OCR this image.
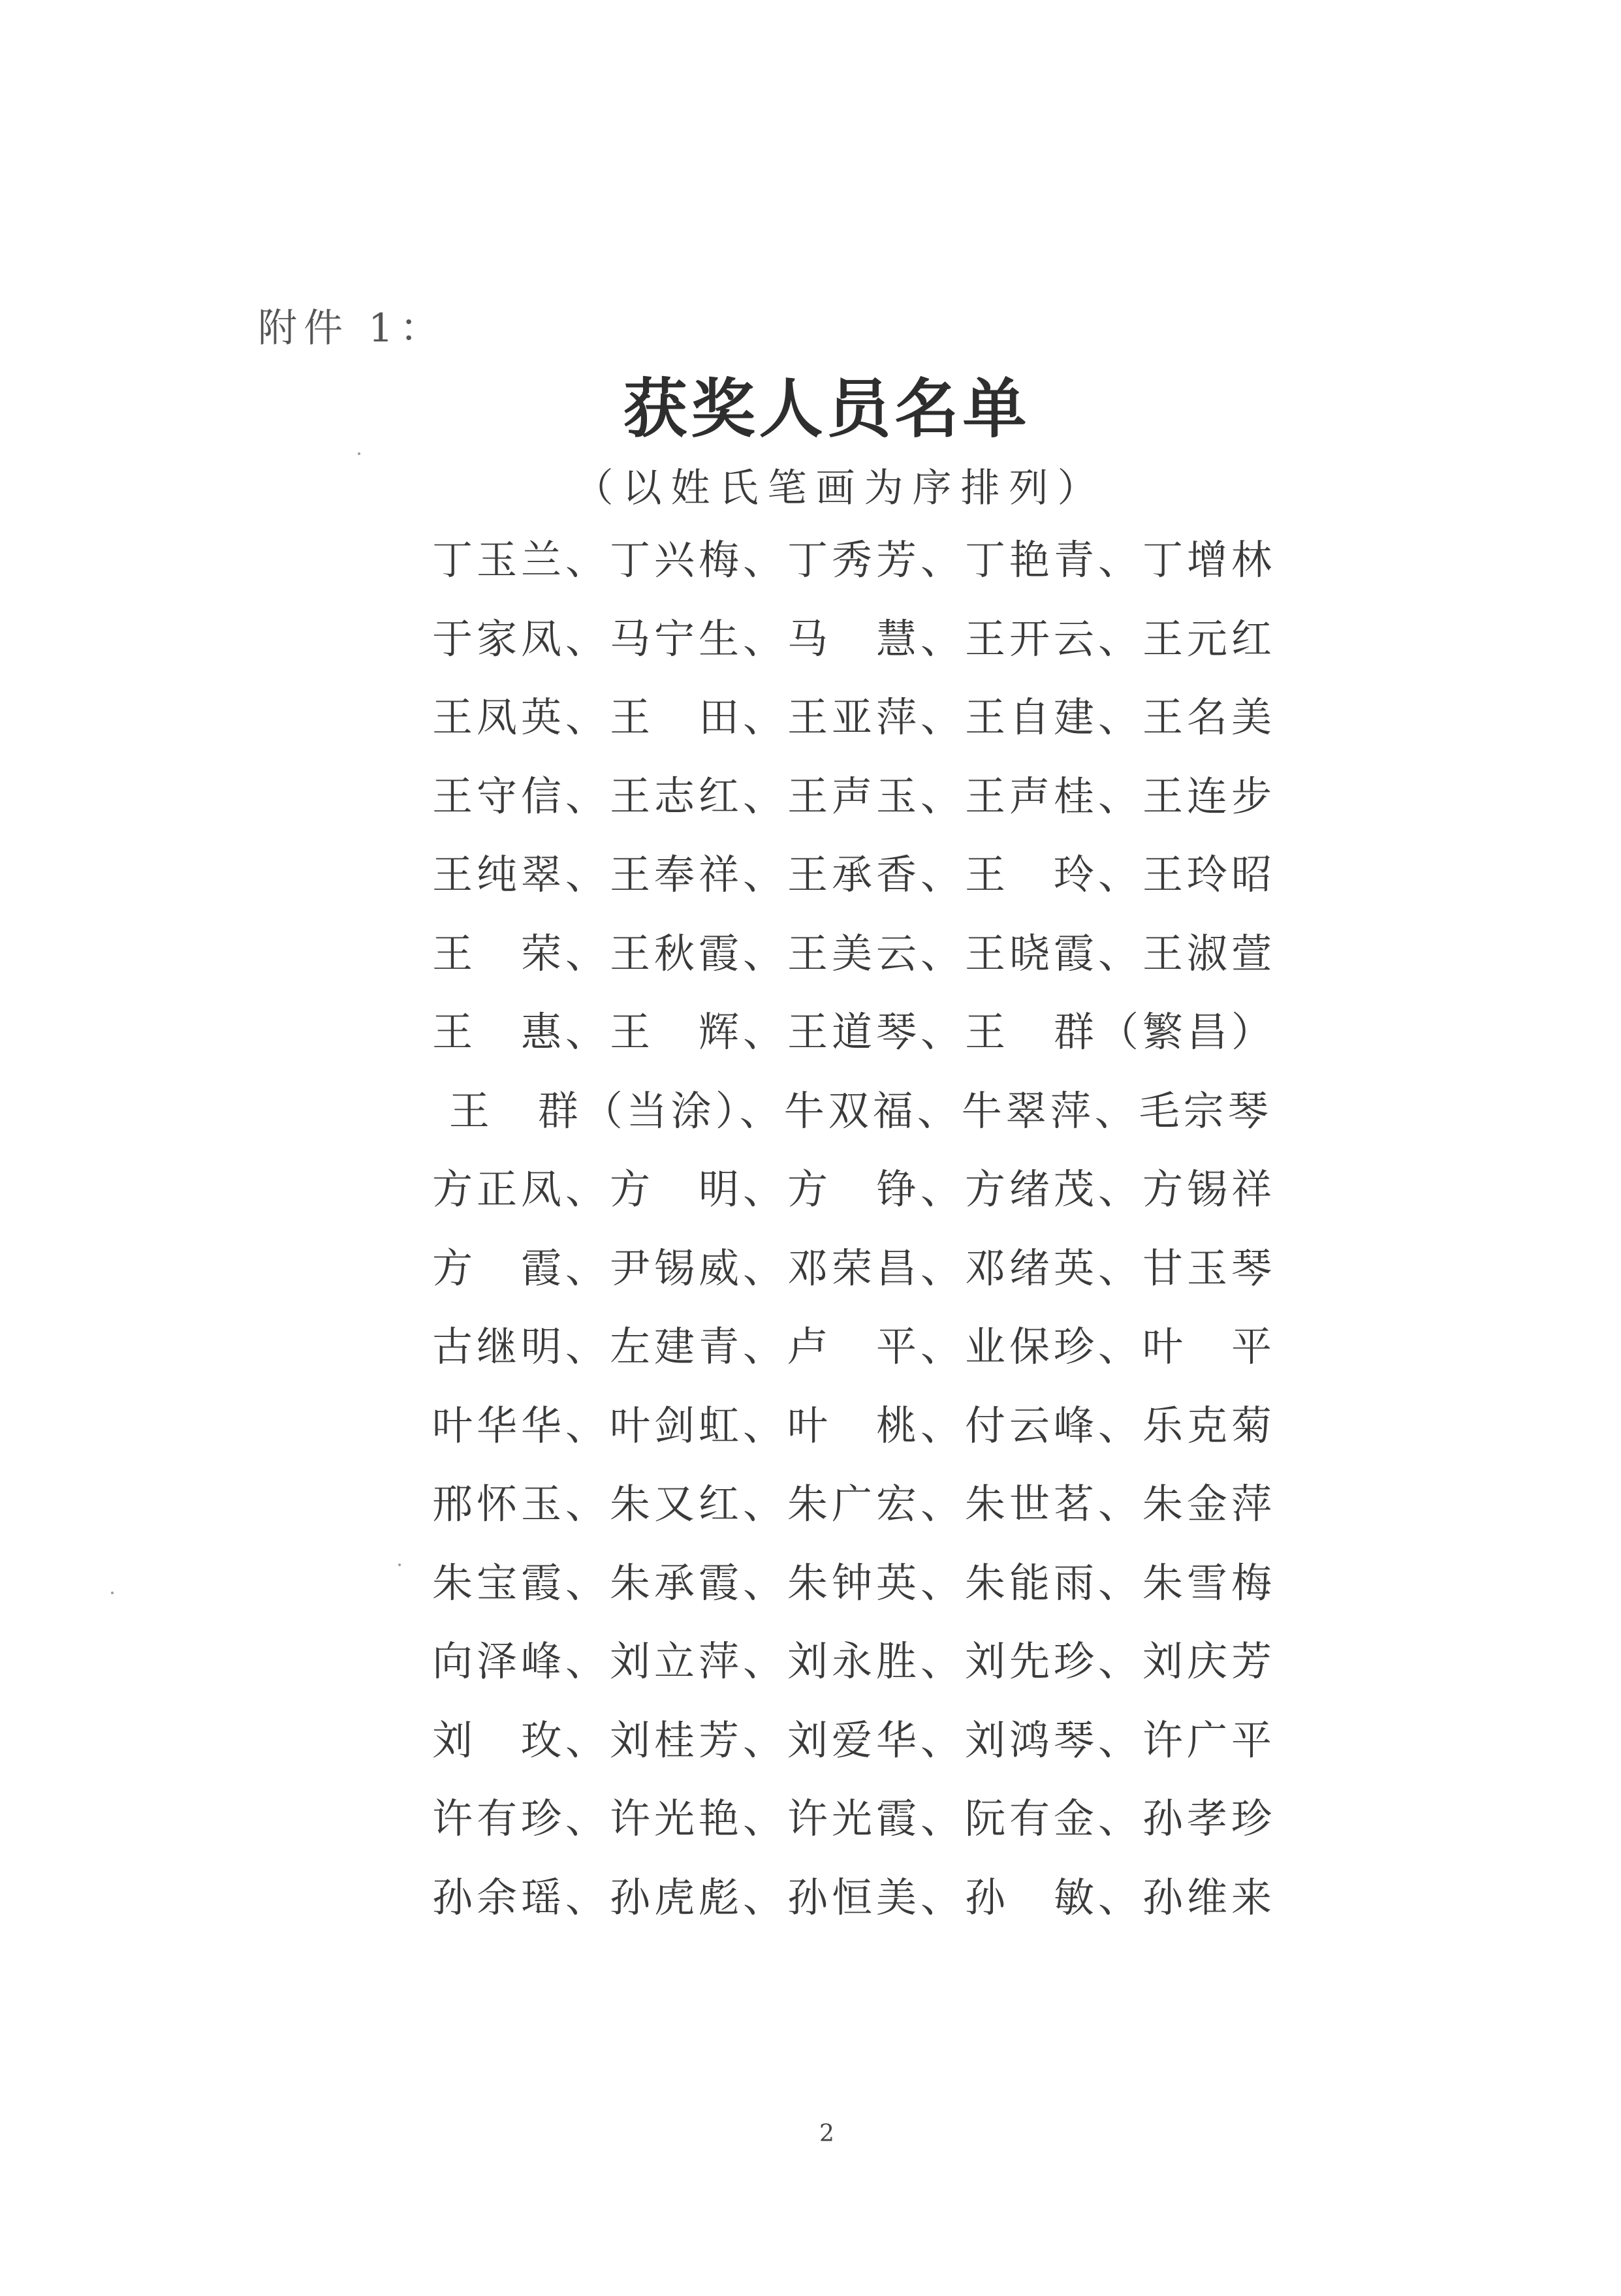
附件 1：
获奖人员名单
（以姓氏笔画为序排列）
丁玉兰、丁兴梅、丁秀芳、丁艳青、丁增林
于家凤、马宁生、马　慧、王开云、王元红
王凤英、王　田、王亚萍、王自建、王名美
王守信、王志红、王声玉、王声桂、王连步
王纯翠、王奉祥、王承香、王　玲、王玲昭
王　荣、王秋霞、王美云、王晓霞、王淑萱
王　惠、王　辉、王道琴、王　群（繁昌）
王　群（当涂）、牛双福、牛翠萍、毛宗琴
方正凤、方　明、方　铮、方绪茂、方锡祥
方　霞、尹锡威、邓荣昌、邓绪英、甘玉琴
古继明、左建青、卢　平、业保珍、叶　平
叶华华、叶剑虹、叶　桃、付云峰、乐克菊
邢怀玉、朱又红、朱广宏、朱世茗、朱金萍
朱宝霞、朱承霞、朱钟英、朱能雨、朱雪梅
向泽峰、刘立萍、刘永胜、刘先珍、刘庆芳
刘　玫、刘桂芳、刘爱华、刘鸿琴、许广平
许有珍、许光艳、许光霞、阮有金、孙孝珍
孙余瑶、孙虎彪、孙恒美、孙　敏、孙维来
2
